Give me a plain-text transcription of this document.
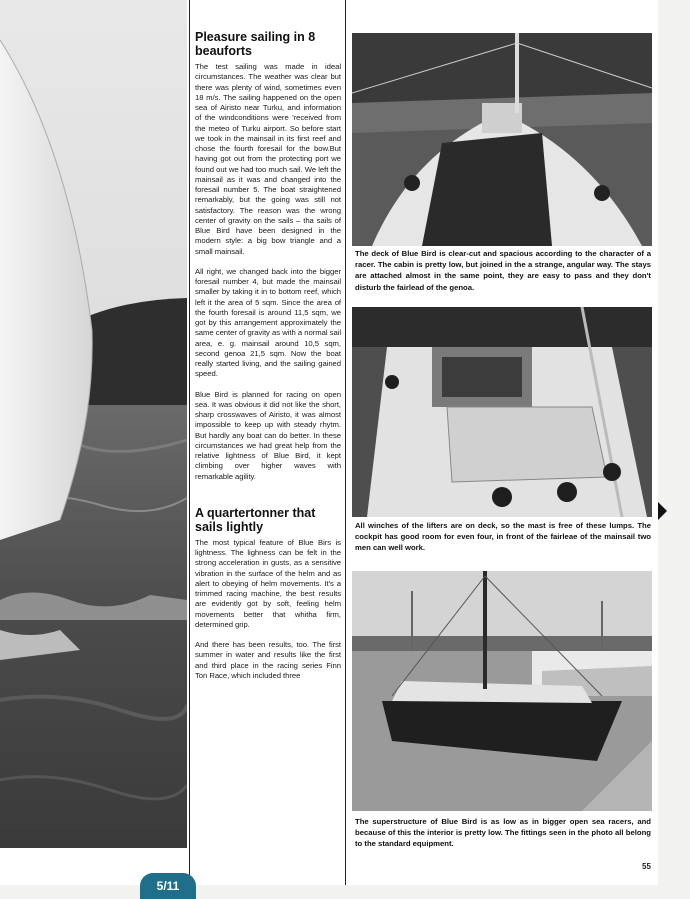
Pleasure sailing in 8 beauforts

The test sailing was made in ideal circumstances. The weather was clear but there was plenty of wind, sometimes even 18 m/s. The sailing happened on the open sea of Airisto near Turku, and information of the windconditions were 'received from the meteo of Turku airport. So before start we took in the mainsail in its first reef and chose the fourth foresail for the bow.But having got out from the protecting port we found out we had too much sail. We left the mainsail as it was and changed into the foresail number 5. The boat straightened remarkably, but the going was still not satisfactory. The reason was the wrong center of gravity on the sails – tha sails of Blue Bird have been designed in the modern style: a big bow triangle and a small mainsail.

All right, we changed back into the bigger foresail number 4, but made the mainsail smaller by taking it in to bottom reef, which left it the area of 5 sqm. Since the area of the fourth foresail is around 11,5 sqm, we got by this arrangement approximately the same center of gravity as with a normal sail area, e. g. mainsail around 10,5 sqm, second genoa 21,5 sqm. Now the boat really started living, and the sailing gained speed.

Blue Bird is planned for racing on open sea. It was obvious it did not like the short, sharp crosswaves of Airisto, it was almost impossible to keep up with steady rhytm. But hardly any boat can do better. In these circumstances we had great help from the relative lightness of Blue Bird, it kept climbing over higher waves with remarkable agility.

A quartertonner that sails lightly

The most typical feature of Blue Birs is lightness. The lighness can be felt in the strong acceleration in gusts, as a sensitive vibration in the surface of the helm and as alert to obeying of helm movements. It's a trimmed racing machine, the best results are evidently got by soft, feeling helm movements better that whitha firm, determined grip.

And there has been results, too. The first summer in water and results like the first and third place in the racing series Finn Ton Race, which included three

The deck of Blue Bird is clear-cut and spacious according to the character of a racer. The cabin is pretty low, but joined in the a strange, angular way. The stays are attached almost in the same point, they are easy to pass and they don't disturb the fairlead of the genoa.
All winches of the lifters are on deck, so the mast is free of these lumps. The cockpit has good room for even four, in front of the fairleae of the mainsail two men can well work.
The superstructure of Blue Bird is as low as in bigger open sea racers, and because of this the interior is pretty low. The fittings seen in the photo all belong to the standard equipment.
55
5/11
